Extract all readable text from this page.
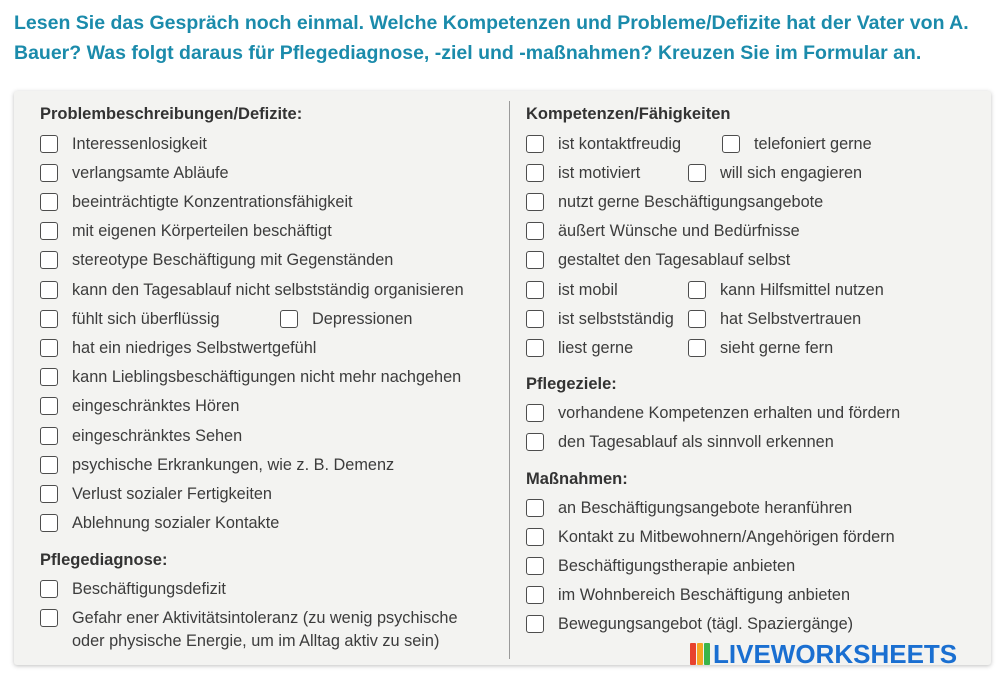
Lesen Sie das Gespräch noch einmal. Welche Kompetenzen und Probleme/Defizite hat der Vater von A. Bauer? Was folgt daraus für Pflegediagnose, -ziel und -maßnahmen? Kreuzen Sie im Formular an.
Problembeschreibungen/Defizite:
Interessenlosigkeit
verlangsamte Abläufe
beeinträchtigte Konzentrationsfähigkeit
mit eigenen Körperteilen beschäftigt
stereotype Beschäftigung mit Gegenständen
kann den Tagesablauf nicht selbstständig organisieren
fühlt sich überflüssig	Depressionen
hat ein niedriges Selbstwertgefühl
kann Lieblingsbeschäftigungen nicht mehr nachgehen
eingeschränktes Hören
eingeschränktes Sehen
psychische Erkrankungen, wie z. B. Demenz
Verlust sozialer Fertigkeiten
Ablehnung sozialer Kontakte
Pflegediagnose:
Beschäftigungsdefizit
Gefahr ener Aktivitätsintoleranz (zu wenig psychische oder physische Energie, um im Alltag aktiv zu sein)
Kompetenzen/Fähigkeiten
ist kontaktfreudig	telefoniert gerne
ist motiviert	will sich engagieren
nutzt gerne Beschäftigungsangebote
äußert Wünsche und Bedürfnisse
gestaltet den Tagesablauf selbst
ist mobil	kann Hilfsmittel nutzen
ist selbstständig	hat Selbstvertrauen
liest gerne	sieht gerne fern
Pflegeziele:
vorhandene Kompetenzen erhalten und fördern
den Tagesablauf als sinnvoll erkennen
Maßnahmen:
an Beschäftigungsangebote heranführen
Kontakt zu Mitbewohnern/Angehörigen fördern
Beschäftigungstherapie anbieten
im Wohnbereich Beschäftigung anbieten
Bewegungsangebot (tägl. Spaziergänge)
LIVEWORKSHEETS
